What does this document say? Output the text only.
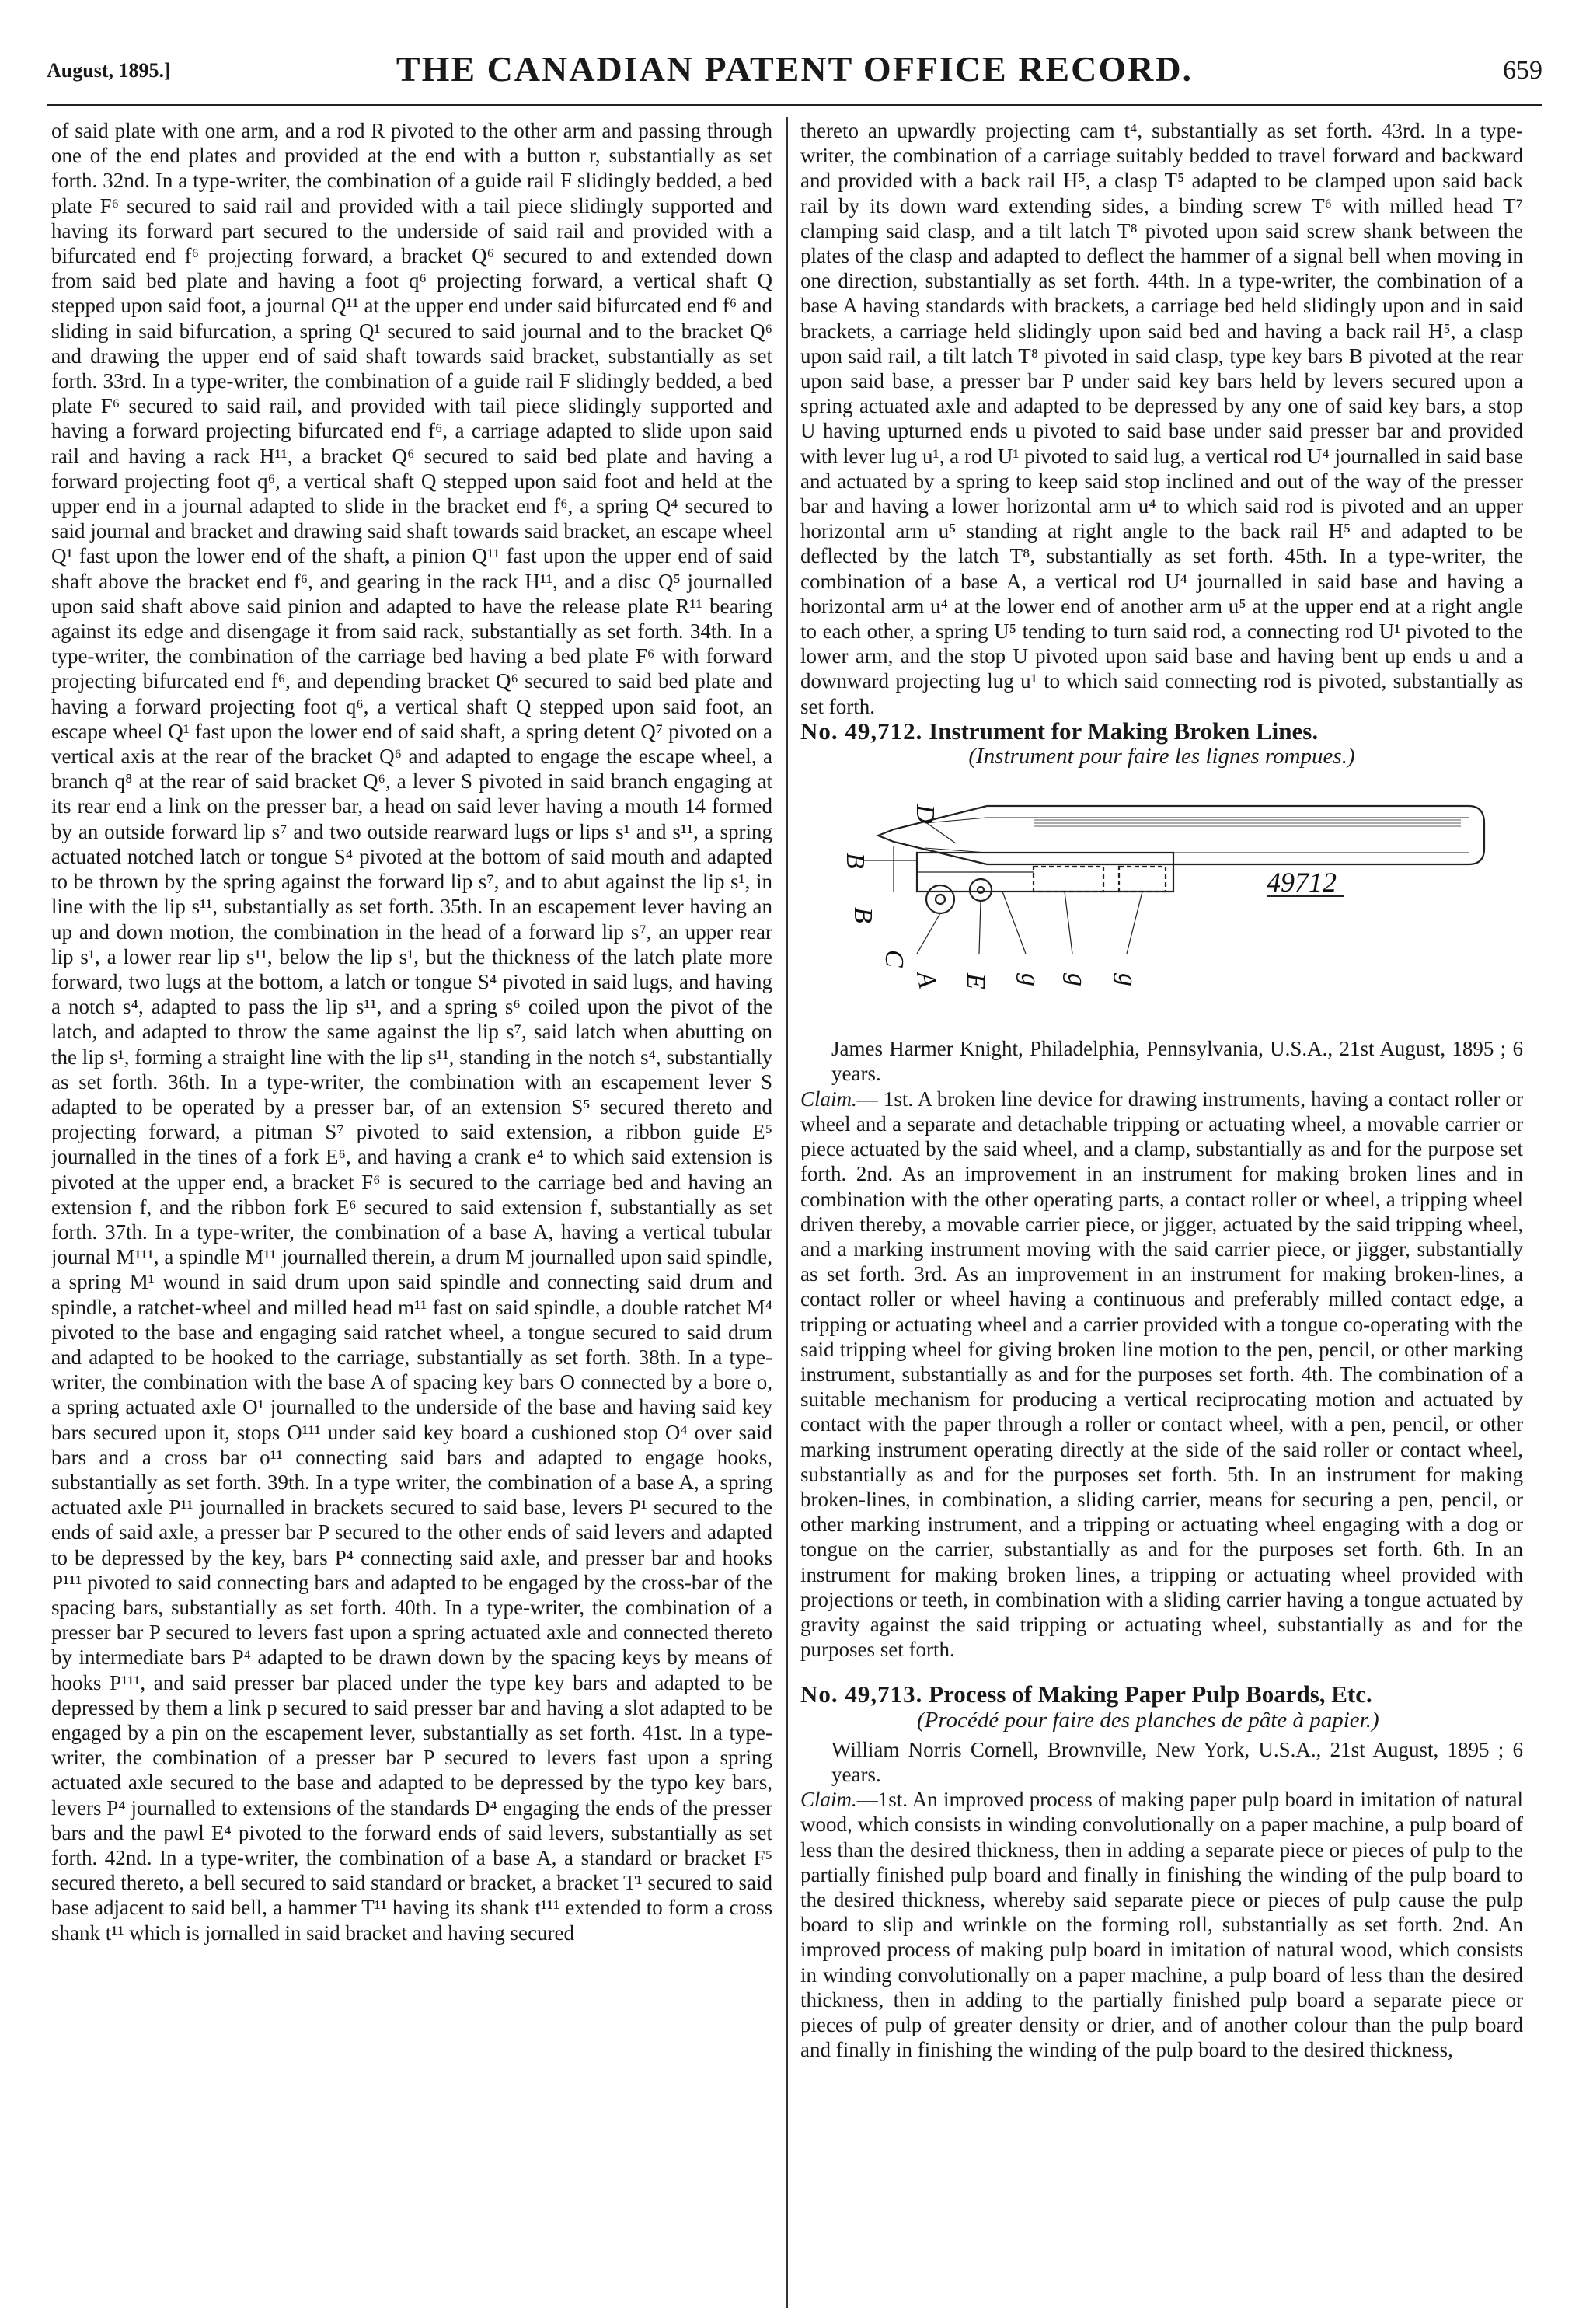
August, 1895.]	THE CANADIAN PATENT OFFICE RECORD.	659

of said plate with one arm, and a rod R pivoted to the other arm and passing through one of the end plates and provided at the end with a button r, substantially as set forth. 32nd. In a type-writer, the combination of a guide rail F slidingly bedded, a bed plate F⁶ secured to said rail and provided with a tail piece slidingly supported and having its forward part secured to the underside of said rail and provided with a bifurcated end f⁶ projecting forward, a bracket Q⁶ secured to and extended down from said bed plate and having a foot q⁶ projecting forward, a vertical shaft Q stepped upon said foot, a journal Q¹¹ at the upper end under said bifurcated end f⁶ and sliding in said bifurcation, a spring Q¹ secured to said journal and to the bracket Q⁶ and drawing the upper end of said shaft towards said bracket, substantially as set forth. 33rd. In a type-writer, the combination of a guide rail F slidingly bedded, a bed plate F⁶ secured to said rail, and provided with tail piece slidingly supported and having a forward projecting bifurcated end f⁶, a carriage adapted to slide upon said rail and having a rack H¹¹, a bracket Q⁶ secured to said bed plate and having a forward projecting foot q⁶, a vertical shaft Q stepped upon said foot and held at the upper end in a journal adapted to slide in the bracket end f⁶, a spring Q⁴ secured to said journal and bracket and drawing said shaft towards said bracket, an escape wheel Q¹ fast upon the lower end of the shaft, a pinion Q¹¹ fast upon the upper end of said shaft above the bracket end f⁶, and gearing in the rack H¹¹, and a disc Q⁵ journalled upon said shaft above said pinion and adapted to have the release plate R¹¹ bearing against its edge and disengage it from said rack, substantially as set forth. 34th. In a type-writer, the combination of the carriage bed having a bed plate F⁶ with forward projecting bifurcated end f⁶, and depending bracket Q⁶ secured to said bed plate and having a forward projecting foot q⁶, a vertical shaft Q stepped upon said foot, an escape wheel Q¹ fast upon the lower end of said shaft, a spring detent Q⁷ pivoted on a vertical axis at the rear of the bracket Q⁶ and adapted to engage the escape wheel, a branch q⁸ at the rear of said bracket Q⁶, a lever S pivoted in said branch engaging at its rear end a link on the presser bar, a head on said lever having a mouth 14 formed by an outside forward lip s⁷ and two outside rearward lugs or lips s¹ and s¹¹, a spring actuated notched latch or tongue S⁴ pivoted at the bottom of said mouth and adapted to be thrown by the spring against the forward lip s⁷, and to abut against the lip s¹, in line with the lip s¹¹, substantially as set forth. 35th. In an escapement lever having an up and down motion, the combination in the head of a forward lip s⁷, an upper rear lip s¹, a lower rear lip s¹¹, below the lip s¹, but the thickness of the latch plate more forward, two lugs at the bottom, a latch or tongue S⁴ pivoted in said lugs, and having a notch s⁴, adapted to pass the lip s¹¹, and a spring s⁶ coiled upon the pivot of the latch, and adapted to throw the same against the lip s⁷, said latch when abutting on the lip s¹, forming a straight line with the lip s¹¹, standing in the notch s⁴, substantially as set forth. 36th. In a type-writer, the combination with an escapement lever S adapted to be operated by a presser bar, of an extension S⁵ secured thereto and projecting forward, a pitman S⁷ pivoted to said extension, a ribbon guide E⁵ journalled in the tines of a fork E⁶, and having a crank e⁴ to which said extension is pivoted at the upper end, a bracket F⁶ is secured to the carriage bed and having an extension f, and the ribbon fork E⁶ secured to said extension f, substantially as set forth. 37th. In a type-writer, the combination of a base A, having a vertical tubular journal M¹¹¹, a spindle M¹¹ journalled therein, a drum M journalled upon said spindle, a spring M¹ wound in said drum upon said spindle and connecting said drum and spindle, a ratchet-wheel and milled head m¹¹ fast on said spindle, a double ratchet M⁴ pivoted to the base and engaging said ratchet wheel, a tongue secured to said drum and adapted to be hooked to the carriage, substantially as set forth. 38th. In a type-writer, the combination with the base A of spacing key bars O connected by a bore o, a spring actuated axle O¹ journalled to the underside of the base and having said key bars secured upon it, stops O¹¹¹ under said key board a cushioned stop O⁴ over said bars and a cross bar o¹¹ connecting said bars and adapted to engage hooks, substantially as set forth. 39th. In a type writer, the combination of a base A, a spring actuated axle P¹¹ journalled in brackets secured to said base, levers P¹ secured to the ends of said axle, a presser bar P secured to the other ends of said levers and adapted to be depressed by the key, bars P⁴ connecting said axle, and presser bar and hooks P¹¹¹ pivoted to said connecting bars and adapted to be engaged by the cross-bar of the spacing bars, substantially as set forth. 40th. In a type-writer, the combination of a presser bar P secured to levers fast upon a spring actuated axle and connected thereto by intermediate bars P⁴ adapted to be drawn down by the spacing keys by means of hooks P¹¹¹, and said presser bar placed under the type key bars and adapted to be depressed by them a link p secured to said presser bar and having a slot adapted to be engaged by a pin on the escapement lever, substantially as set forth. 41st. In a type-writer, the combination of a presser bar P secured to levers fast upon a spring actuated axle secured to the base and adapted to be depressed by the typo key bars, levers P⁴ journalled to extensions of the standards D⁴ engaging the ends of the presser bars and the pawl E⁴ pivoted to the forward ends of said levers, substantially as set forth. 42nd. In a type-writer, the combination of a base A, a standard or bracket F⁵ secured thereto, a bell secured to said standard or bracket, a bracket T¹ secured to said base adjacent to said bell, a hammer T¹¹ having its shank t¹¹¹ extended to form a cross shank t¹¹ which is jornalled in said bracket and having secured

thereto an upwardly projecting cam t⁴, substantially as set forth. 43rd. In a type-writer, the combination of a carriage suitably bedded to travel forward and backward and provided with a back rail H⁵, a clasp T⁵ adapted to be clamped upon said back rail by its down ward extending sides, a binding screw T⁶ with milled head T⁷ clamping said clasp, and a tilt latch T⁸ pivoted upon said screw shank between the plates of the clasp and adapted to deflect the hammer of a signal bell when moving in one direction, substantially as set forth. 44th. In a type-writer, the combination of a base A having standards with brackets, a carriage bed held slidingly upon and in said brackets, a carriage held slidingly upon said bed and having a back rail H⁵, a clasp upon said rail, a tilt latch T⁸ pivoted in said clasp, type key bars B pivoted at the rear upon said base, a presser bar P under said key bars held by levers secured upon a spring actuated axle and adapted to be depressed by any one of said key bars, a stop U having upturned ends u pivoted to said base under said presser bar and provided with lever lug u¹, a rod U¹ pivoted to said lug, a vertical rod U⁴ journalled in said base and actuated by a spring to keep said stop inclined and out of the way of the presser bar and having a lower horizontal arm u⁴ to which said rod is pivoted and an upper horizontal arm u⁵ standing at right angle to the back rail H⁵ and adapted to be deflected by the latch T⁸, substantially as set forth. 45th. In a type-writer, the combination of a base A, a vertical rod U⁴ journalled in said base and having a horizontal arm u⁴ at the lower end of another arm u⁵ at the upper end at a right angle to each other, a spring U⁵ tending to turn said rod, a connecting rod U¹ pivoted to the lower arm, and the stop U pivoted upon said base and having bent up ends u and a downward projecting lug u¹ to which said connecting rod is pivoted, substantially as set forth.

No. 49,712. Instrument for Making Broken Lines.

(Instrument pour faire les lignes rompues.)

D
B
B
C
A E g g g
49712

James Harmer Knight, Philadelphia, Pennsylvania, U.S.A., 21st August, 1895 ; 6 years.

Claim.— 1st. A broken line device for drawing instruments, having a contact roller or wheel and a separate and detachable tripping or actuating wheel, a movable carrier or piece actuated by the said wheel, and a clamp, substantially as and for the purpose set forth. 2nd. As an improvement in an instrument for making broken lines and in combination with the other operating parts, a contact roller or wheel, a tripping wheel driven thereby, a movable carrier piece, or jigger, actuated by the said tripping wheel, and a marking instrument moving with the said carrier piece, or jigger, substantially as set forth. 3rd. As an improvement in an instrument for making broken-lines, a contact roller or wheel having a continuous and preferably milled contact edge, a tripping or actuating wheel and a carrier provided with a tongue co-operating with the said tripping wheel for giving broken line motion to the pen, pencil, or other marking instrument, substantially as and for the purposes set forth. 4th. The combination of a suitable mechanism for producing a vertical reciprocating motion and actuated by contact with the paper through a roller or contact wheel, with a pen, pencil, or other marking instrument operating directly at the side of the said roller or contact wheel, substantially as and for the purposes set forth. 5th. In an instrument for making broken-lines, in combination, a sliding carrier, means for securing a pen, pencil, or other marking instrument, and a tripping or actuating wheel engaging with a dog or tongue on the carrier, substantially as and for the purposes set forth. 6th. In an instrument for making broken lines, a tripping or actuating wheel provided with projections or teeth, in combination with a sliding carrier having a tongue actuated by gravity against the said tripping or actuating wheel, substantially as and for the purposes set forth.

No. 49,713. Process of Making Paper Pulp Boards, Etc.

(Procédé pour faire des planches de pâte à papier.)

William Norris Cornell, Brownville, New York, U.S.A., 21st August, 1895 ; 6 years.

Claim.—1st. An improved process of making paper pulp board in imitation of natural wood, which consists in winding convolutionally on a paper machine, a pulp board of less than the desired thickness, then in adding a separate piece or pieces of pulp to the partially finished pulp board and finally in finishing the winding of the pulp board to the desired thickness, whereby said separate piece or pieces of pulp cause the pulp board to slip and wrinkle on the forming roll, substantially as set forth. 2nd. An improved process of making pulp board in imitation of natural wood, which consists in winding convolutionally on a paper machine, a pulp board of less than the desired thickness, then in adding to the partially finished pulp board a separate piece or pieces of pulp of greater density or drier, and of another colour than the pulp board and finally in finishing the winding of the pulp board to the desired thickness,
